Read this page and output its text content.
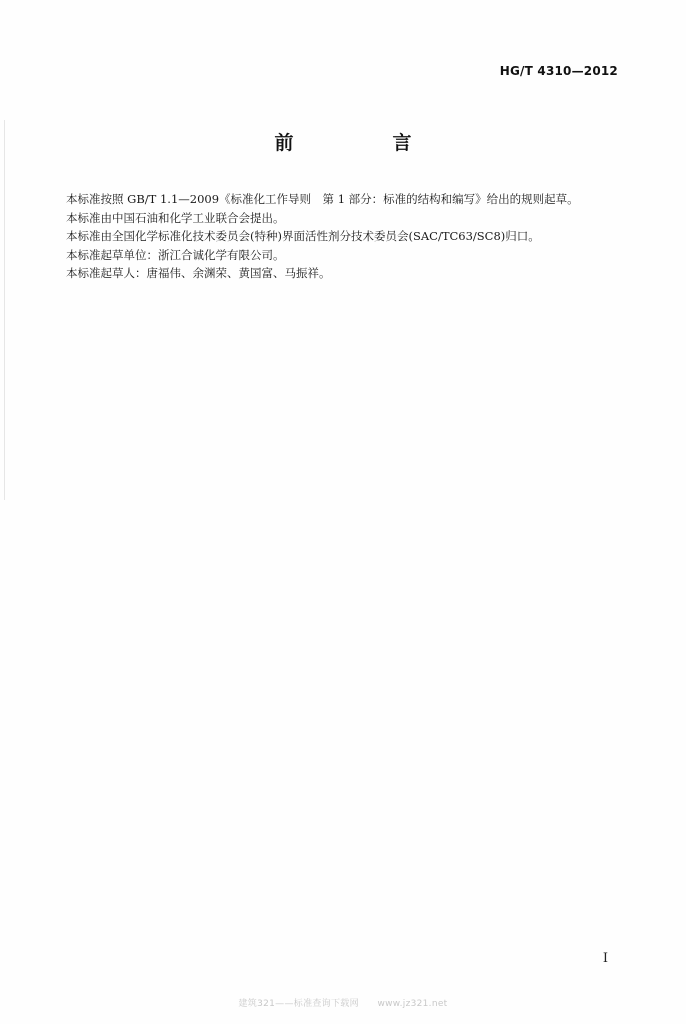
HG/T 4310—2012
前　言

本标准按照 GB/T 1.1—2009《标准化工作导则　第 1 部分：标准的结构和编写》给出的规则起草。

本标准由中国石油和化学工业联合会提出。

本标准由全国化学标准化技术委员会(特种)界面活性剂分技术委员会(SAC/TC63/SC8)归口。

本标准起草单位：浙江合诚化学有限公司。

本标准起草人：唐福伟、余渊荣、黄国富、马振祥。

I
建筑321——标准查询下载网　　www.jz321.net
